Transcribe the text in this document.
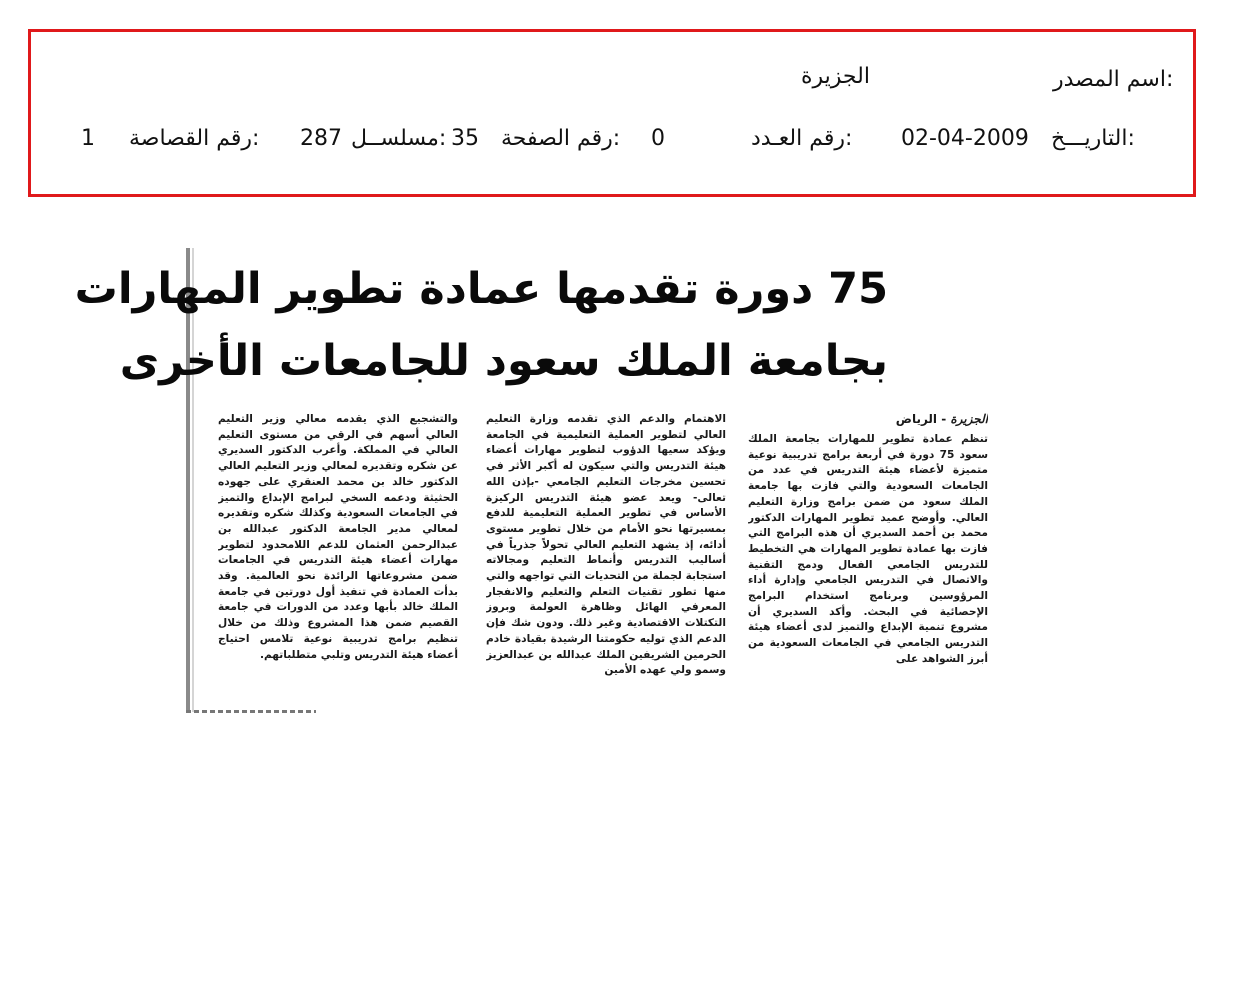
اسم المصدر:
الجزيرة
التاريـــخ:
02-04-2009
رقم العـدد:
0
رقم الصفحة:
35
مسلســل:
287
رقم القصاصة:
1
75 دورة تقدمها عمادة تطوير المهارات
بجامعة الملك سعود للجامعات الأخرى
الجزيرة - الرياض
تنظم عمادة تطوير للمهارات بجامعة الملك سعود 75 دورة في أربعة برامج تدريبية نوعية متميزة لأعضاء هيئة التدريس في عدد من الجامعات السعودية والتي فازت بها جامعة الملك سعود من ضمن برامج وزارة التعليم العالي. وأوضح عميد تطوير المهارات الدكتور محمد بن أحمد السديري أن هذه البرامج التي فازت بها عمادة تطوير المهارات هي التخطيط للتدريس الجامعي الفعال ودمج التقنية والاتصال في التدريس الجامعي وإدارة أداء المرؤوسين وبرنامج استخدام البرامج الإحصائية في البحث. وأكد السديري أن مشروع تنمية الإبداع والتميز لدى أعضاء هيئة التدريس الجامعي في الجامعات السعودية من أبرز الشواهد على
الاهتمام والدعم الذي تقدمه وزارة التعليم العالي لتطوير العملية التعليمية في الجامعة ويؤكد سعيها الدؤوب لتطوير مهارات أعضاء هيئة التدريس والتي سيكون له أكبر الأثر في تحسين مخرجات التعليم الجامعي -بإذن الله تعالى- ويعد عضو هيئة التدريس الركيزة الأساس في تطوير العملية التعليمية للدفع بمسيرتها نحو الأمام من خلال تطوير مستوى أدائه، إذ يشهد التعليم العالي تحولاً جذرياً في أساليب التدريس وأنماط التعليم ومجالاته استجابة لجملة من التحديات التي تواجهه والتي منها تطور تقنيات التعلم والتعليم والانفجار المعرفي الهائل وظاهرة العولمة وبروز التكتلات الاقتصادية وغير ذلك. ودون شك فإن الدعم الذي توليه حكومتنا الرشيدة بقيادة خادم الحرمين الشريفين الملك عبدالله بن عبدالعزيز وسمو ولي عهده الأمين
والتشجيع الذي يقدمه معالي وزير التعليم العالي أسهم في الرقي من مستوى التعليم العالي في المملكة. وأعرب الدكتور السديري عن شكره وتقديره لمعالي وزير التعليم العالي الدكتور خالد بن محمد العنقري على جهوده الحثيثة ودعمه السخي لبرامج الإبداع والتميز في الجامعات السعودية وكذلك شكره وتقديره لمعالي مدير الجامعة الدكتور عبدالله بن عبدالرحمن العثمان للدعم اللامحدود لتطوير مهارات أعضاء هيئة التدريس في الجامعات ضمن مشروعاتها الرائدة نحو العالمية. وقد بدأت العمادة في تنفيذ أول دورتين في جامعة الملك خالد بأبها وعدد من الدورات في جامعة القصيم ضمن هذا المشروع وذلك من خلال تنظيم برامج تدريبية نوعية تلامس احتياج أعضاء هيئة التدريس وتلبي متطلباتهم.
